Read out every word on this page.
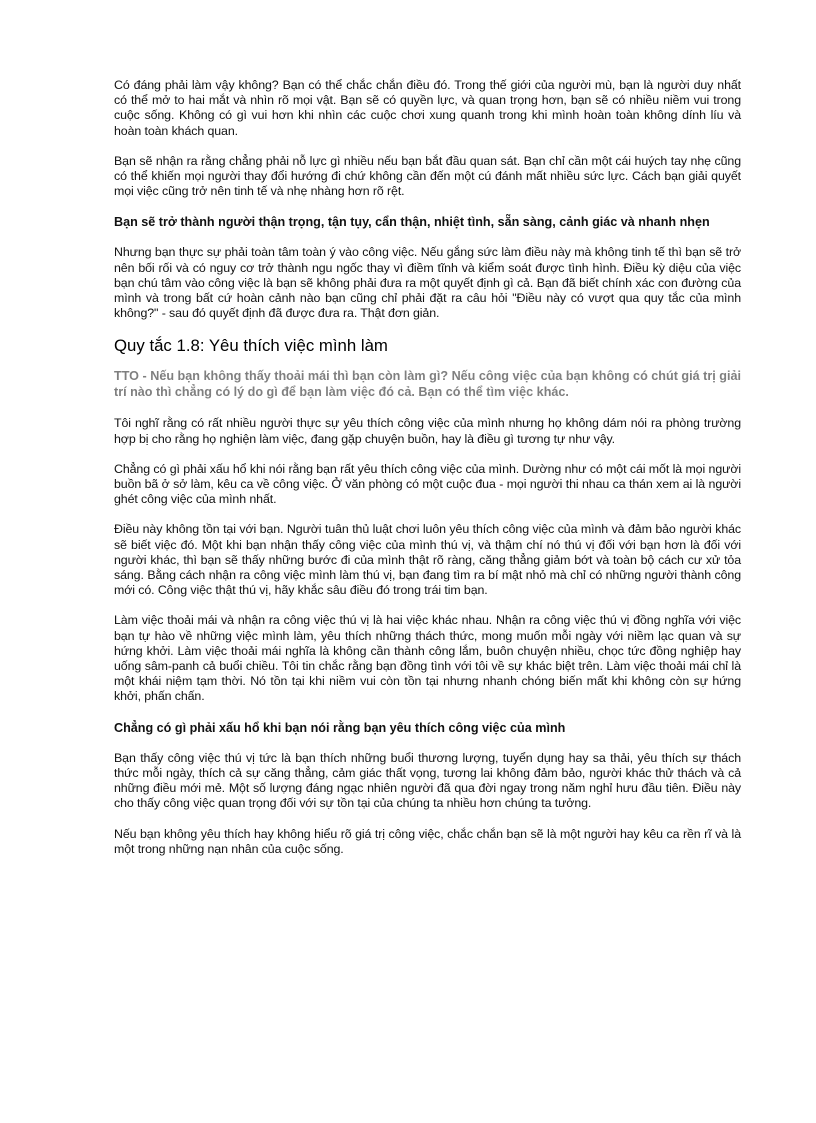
Có đáng phải làm vậy không? Bạn có thể chắc chắn điều đó. Trong thế giới của người mù, bạn là người duy nhất có thể mở to hai mắt và nhìn rõ mọi vật. Bạn sẽ có quyền lực, và quan trọng hơn, bạn sẽ có nhiều niềm vui trong cuộc sống. Không có gì vui hơn khi nhìn các cuộc chơi xung quanh trong khi mình hoàn toàn không dính líu và hoàn toàn khách quan.

Bạn sẽ nhận ra rằng chẳng phải nỗ lực gì nhiều nếu bạn bắt đầu quan sát. Bạn chỉ cần một cái huých tay nhẹ cũng có thể khiến mọi người thay đổi hướng đi chứ không cần đến một cú đánh mất nhiều sức lực. Cách bạn giải quyết mọi việc cũng trở nên tinh tế và nhẹ nhàng hơn rõ rệt.

Bạn sẽ trở thành người thận trọng, tận tụy, cẩn thận, nhiệt tình, sẵn sàng, cảnh giác và nhanh nhẹn

Nhưng bạn thực sự phải toàn tâm toàn ý vào công việc. Nếu gắng sức làm điều này mà không tinh tế thì bạn sẽ trở nên bối rối và có nguy cơ trở thành ngu ngốc thay vì điềm tĩnh và kiểm soát được tình hình. Điều kỳ diệu của việc bạn chú tâm vào công việc là bạn sẽ không phải đưa ra một quyết định gì cả. Bạn đã biết chính xác con đường của mình và trong bất cứ hoàn cảnh nào bạn cũng chỉ phải đặt ra câu hỏi "Điều này có vượt qua quy tắc của mình không?" - sau đó quyết định đã được đưa ra. Thật đơn giản.

Quy tắc 1.8: Yêu thích việc mình làm

TTO - Nếu bạn không thấy thoải mái thì bạn còn làm gì? Nếu công việc của bạn không có chút giá trị giải trí nào thì chẳng có lý do gì để bạn làm việc đó cả. Bạn có thể tìm việc khác.

Tôi nghĩ rằng có rất nhiều người thực sự yêu thích công việc của mình nhưng họ không dám nói ra phòng trường hợp bị cho rằng họ nghiện làm việc, đang gặp chuyện buồn, hay là điều gì tương tự như vậy.

Chẳng có gì phải xấu hổ khi nói rằng bạn rất yêu thích công việc của mình. Dường như có một cái mốt là mọi người buồn bã ở sở làm, kêu ca về công việc. Ở văn phòng có một cuộc đua - mọi người thi nhau ca thán xem ai là người ghét công việc của mình nhất.

Điều này không tồn tại với bạn. Người tuân thủ luật chơi luôn yêu thích công việc của mình và đảm bảo người khác sẽ biết việc đó. Một khi bạn nhận thấy công việc của mình thú vị, và thậm chí nó thú vị đối với bạn hơn là đối với người khác, thì bạn sẽ thấy những bước đi của mình thật rõ ràng, căng thẳng giảm bớt và toàn bộ cách cư xử tỏa sáng. Bằng cách nhận ra công việc mình làm thú vị, bạn đang tìm ra bí mật nhỏ mà chỉ có những người thành công mới có. Công việc thật thú vị, hãy khắc sâu điều đó trong trái tim bạn.

Làm việc thoải mái và nhận ra công việc thú vị là hai việc khác nhau. Nhận ra công việc thú vị đồng nghĩa với việc bạn tự hào về những việc mình làm, yêu thích những thách thức, mong muốn mỗi ngày với niềm lạc quan và sự hứng khởi. Làm việc thoải mái nghĩa là không cần thành công lắm, buôn chuyện nhiều, chọc tức đồng nghiệp hay uống sâm-panh cả buổi chiều. Tôi tin chắc rằng bạn đồng tình với tôi về sự khác biệt trên. Làm việc thoải mái chỉ là một khái niệm tạm thời. Nó tồn tại khi niềm vui còn tồn tại nhưng nhanh chóng biến mất khi không còn sự hứng khởi, phấn chấn.

Chẳng có gì phải xấu hổ khi bạn nói rằng bạn yêu thích công việc của mình

Bạn thấy công việc thú vị tức là bạn thích những buổi thương lượng, tuyển dụng hay sa thải, yêu thích sự thách thức mỗi ngày, thích cả sự căng thẳng, cảm giác thất vọng, tương lai không đảm bảo, người khác thử thách và cả những điều mới mẻ. Một số lượng đáng ngạc nhiên người đã qua đời ngay trong năm nghỉ hưu đầu tiên. Điều này cho thấy công việc quan trọng đối với sự tồn tại của chúng ta nhiều hơn chúng ta tưởng.

Nếu bạn không yêu thích hay không hiểu rõ giá trị công việc, chắc chắn bạn sẽ là một người hay kêu ca rền rĩ và là một trong những nạn nhân của cuộc sống.
